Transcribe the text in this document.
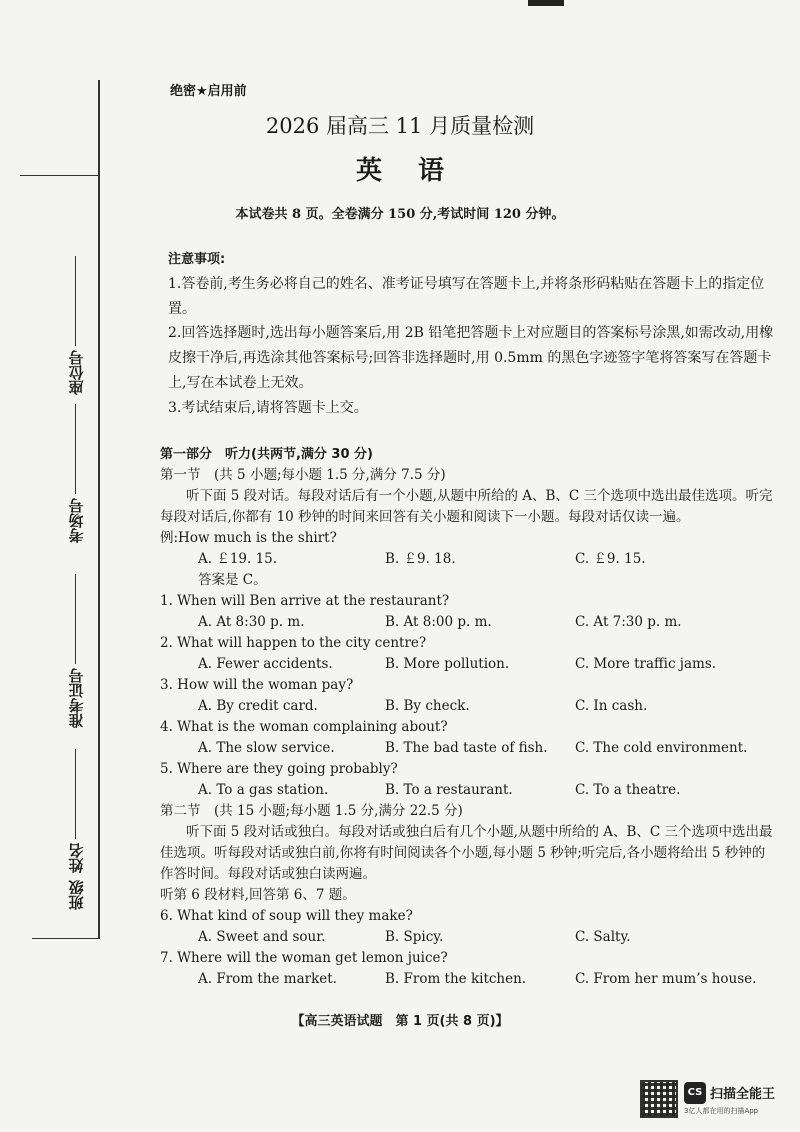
座位号
考场号
准考证号
姓名
班级
绝密★启用前
2026 届高三 11 月质量检测
英语
本试卷共 8 页。全卷满分 150 分,考试时间 120 分钟。
注意事项:
1.答卷前,考生务必将自己的姓名、准考证号填写在答题卡上,并将条形码粘贴在答题卡上的指定位置。
2.回答选择题时,选出每小题答案后,用 2B 铅笔把答题卡上对应题目的答案标号涂黑,如需改动,用橡皮擦干净后,再选涂其他答案标号;回答非选择题时,用 0.5mm 的黑色字迹签字笔将答案写在答题卡上,写在本试卷上无效。
3.考试结束后,请将答题卡上交。
第一部分　听力(共两节,满分 30 分)
第一节　(共 5 小题;每小题 1.5 分,满分 7.5 分)
听下面 5 段对话。每段对话后有一个小题,从题中所给的 A、B、C 三个选项中选出最佳选项。听完每段对话后,你都有 10 秒钟的时间来回答有关小题和阅读下一小题。每段对话仅读一遍。
例:How much is the shirt?
A. ￡19. 15.	B. ￡9. 18.	C. ￡9. 15.
答案是 C。
1. When will Ben arrive at the restaurant?
A. At 8:30 p. m.	B. At 8:00 p. m.	C. At 7:30 p. m.
2. What will happen to the city centre?
A. Fewer accidents.	B. More pollution.	C. More traffic jams.
3. How will the woman pay?
A. By credit card.	B. By check.	C. In cash.
4. What is the woman complaining about?
A. The slow service.	B. The bad taste of fish. C. The cold environment.
5. Where are they going probably?
A. To a gas station.	B. To a restaurant.	C. To a theatre.
第二节　(共 15 小题;每小题 1.5 分,满分 22.5 分)
听下面 5 段对话或独白。每段对话或独白后有几个小题,从题中所给的 A、B、C 三个选项中选出最佳选项。听每段对话或独白前,你将有时间阅读各个小题,每小题 5 秒钟;听完后,各小题将给出 5 秒钟的作答时间。每段对话或独白读两遍。
听第 6 段材料,回答第 6、7 题。
6. What kind of soup will they make?
A. Sweet and sour.	B. Spicy.	C. Salty.
7. Where will the woman get lemon juice?
A. From the market.	B. From the kitchen.	C. From her mum’s house.
【高三英语试题　第 1 页(共 8 页)】
CS 扫描全能王
3亿人都在用的扫描App
